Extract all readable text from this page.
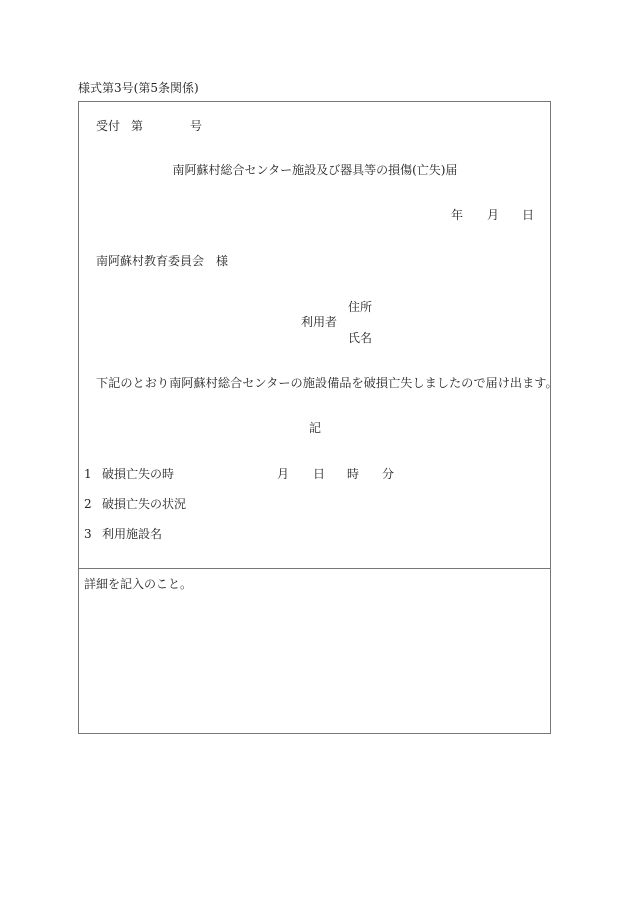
様式第3号(第5条関係)
受付 第	号
南阿蘇村総合センター施設及び器具等の損傷(亡失)届
年 月 日
南阿蘇村教育委員会　様
住所
利用者
氏名
下記のとおり南阿蘇村総合センターの施設備品を破損亡失しましたので届け出ます。
記
1 破損亡失の時	月 日 時 分
2 破損亡失の状況
3 利用施設名
詳細を記入のこと。
